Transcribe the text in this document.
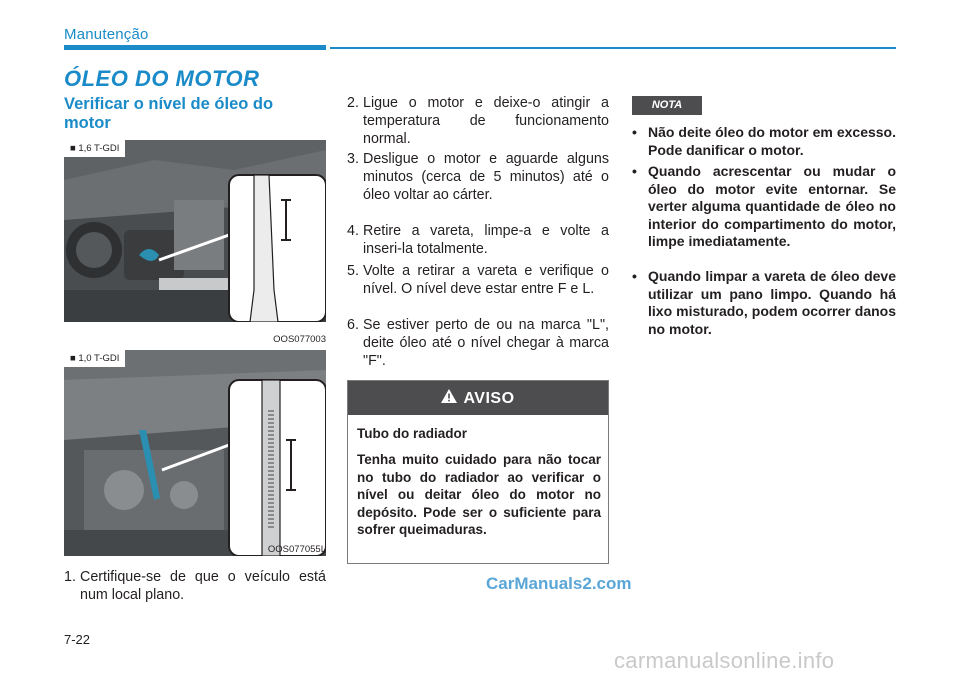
Manutenção
ÓLEO DO MOTOR
Verificar o nível de óleo do motor
■ 1,6 T-GDI
OOS077003
■ 1,0 T-GDI
OOS077055L
1. Certifique-se de que o veículo está num local plano.
2. Ligue o motor e deixe-o atingir a temperatura de funcionamento normal.
3. Desligue o motor e aguarde alguns minutos (cerca de 5 minutos) até o óleo voltar ao cárter.
4. Retire a vareta, limpe-a e volte a inseri-la totalmente.
5. Volte a retirar a vareta e verifique o nível. O nível deve estar entre F e L.
6. Se estiver perto de ou na marca "L", deite óleo até o nível chegar à marca "F".
AVISO
Tubo do radiador
Tenha muito cuidado para não tocar no tubo do radiador ao verificar o nível ou deitar óleo do motor no depósito. Pode ser o suficiente para sofrer queimaduras.
NOTA
• Não deite óleo do motor em excesso. Pode danificar o motor.
• Quando acrescentar ou mudar o óleo do motor evite entornar. Se verter alguma quantidade de óleo no interior do compartimento do motor, limpe imediatamente.
• Quando limpar a vareta de óleo deve utilizar um pano limpo. Quando há lixo misturado, podem ocorrer danos no motor.
7-22
CarManuals2.com
carmanualsonline.info
